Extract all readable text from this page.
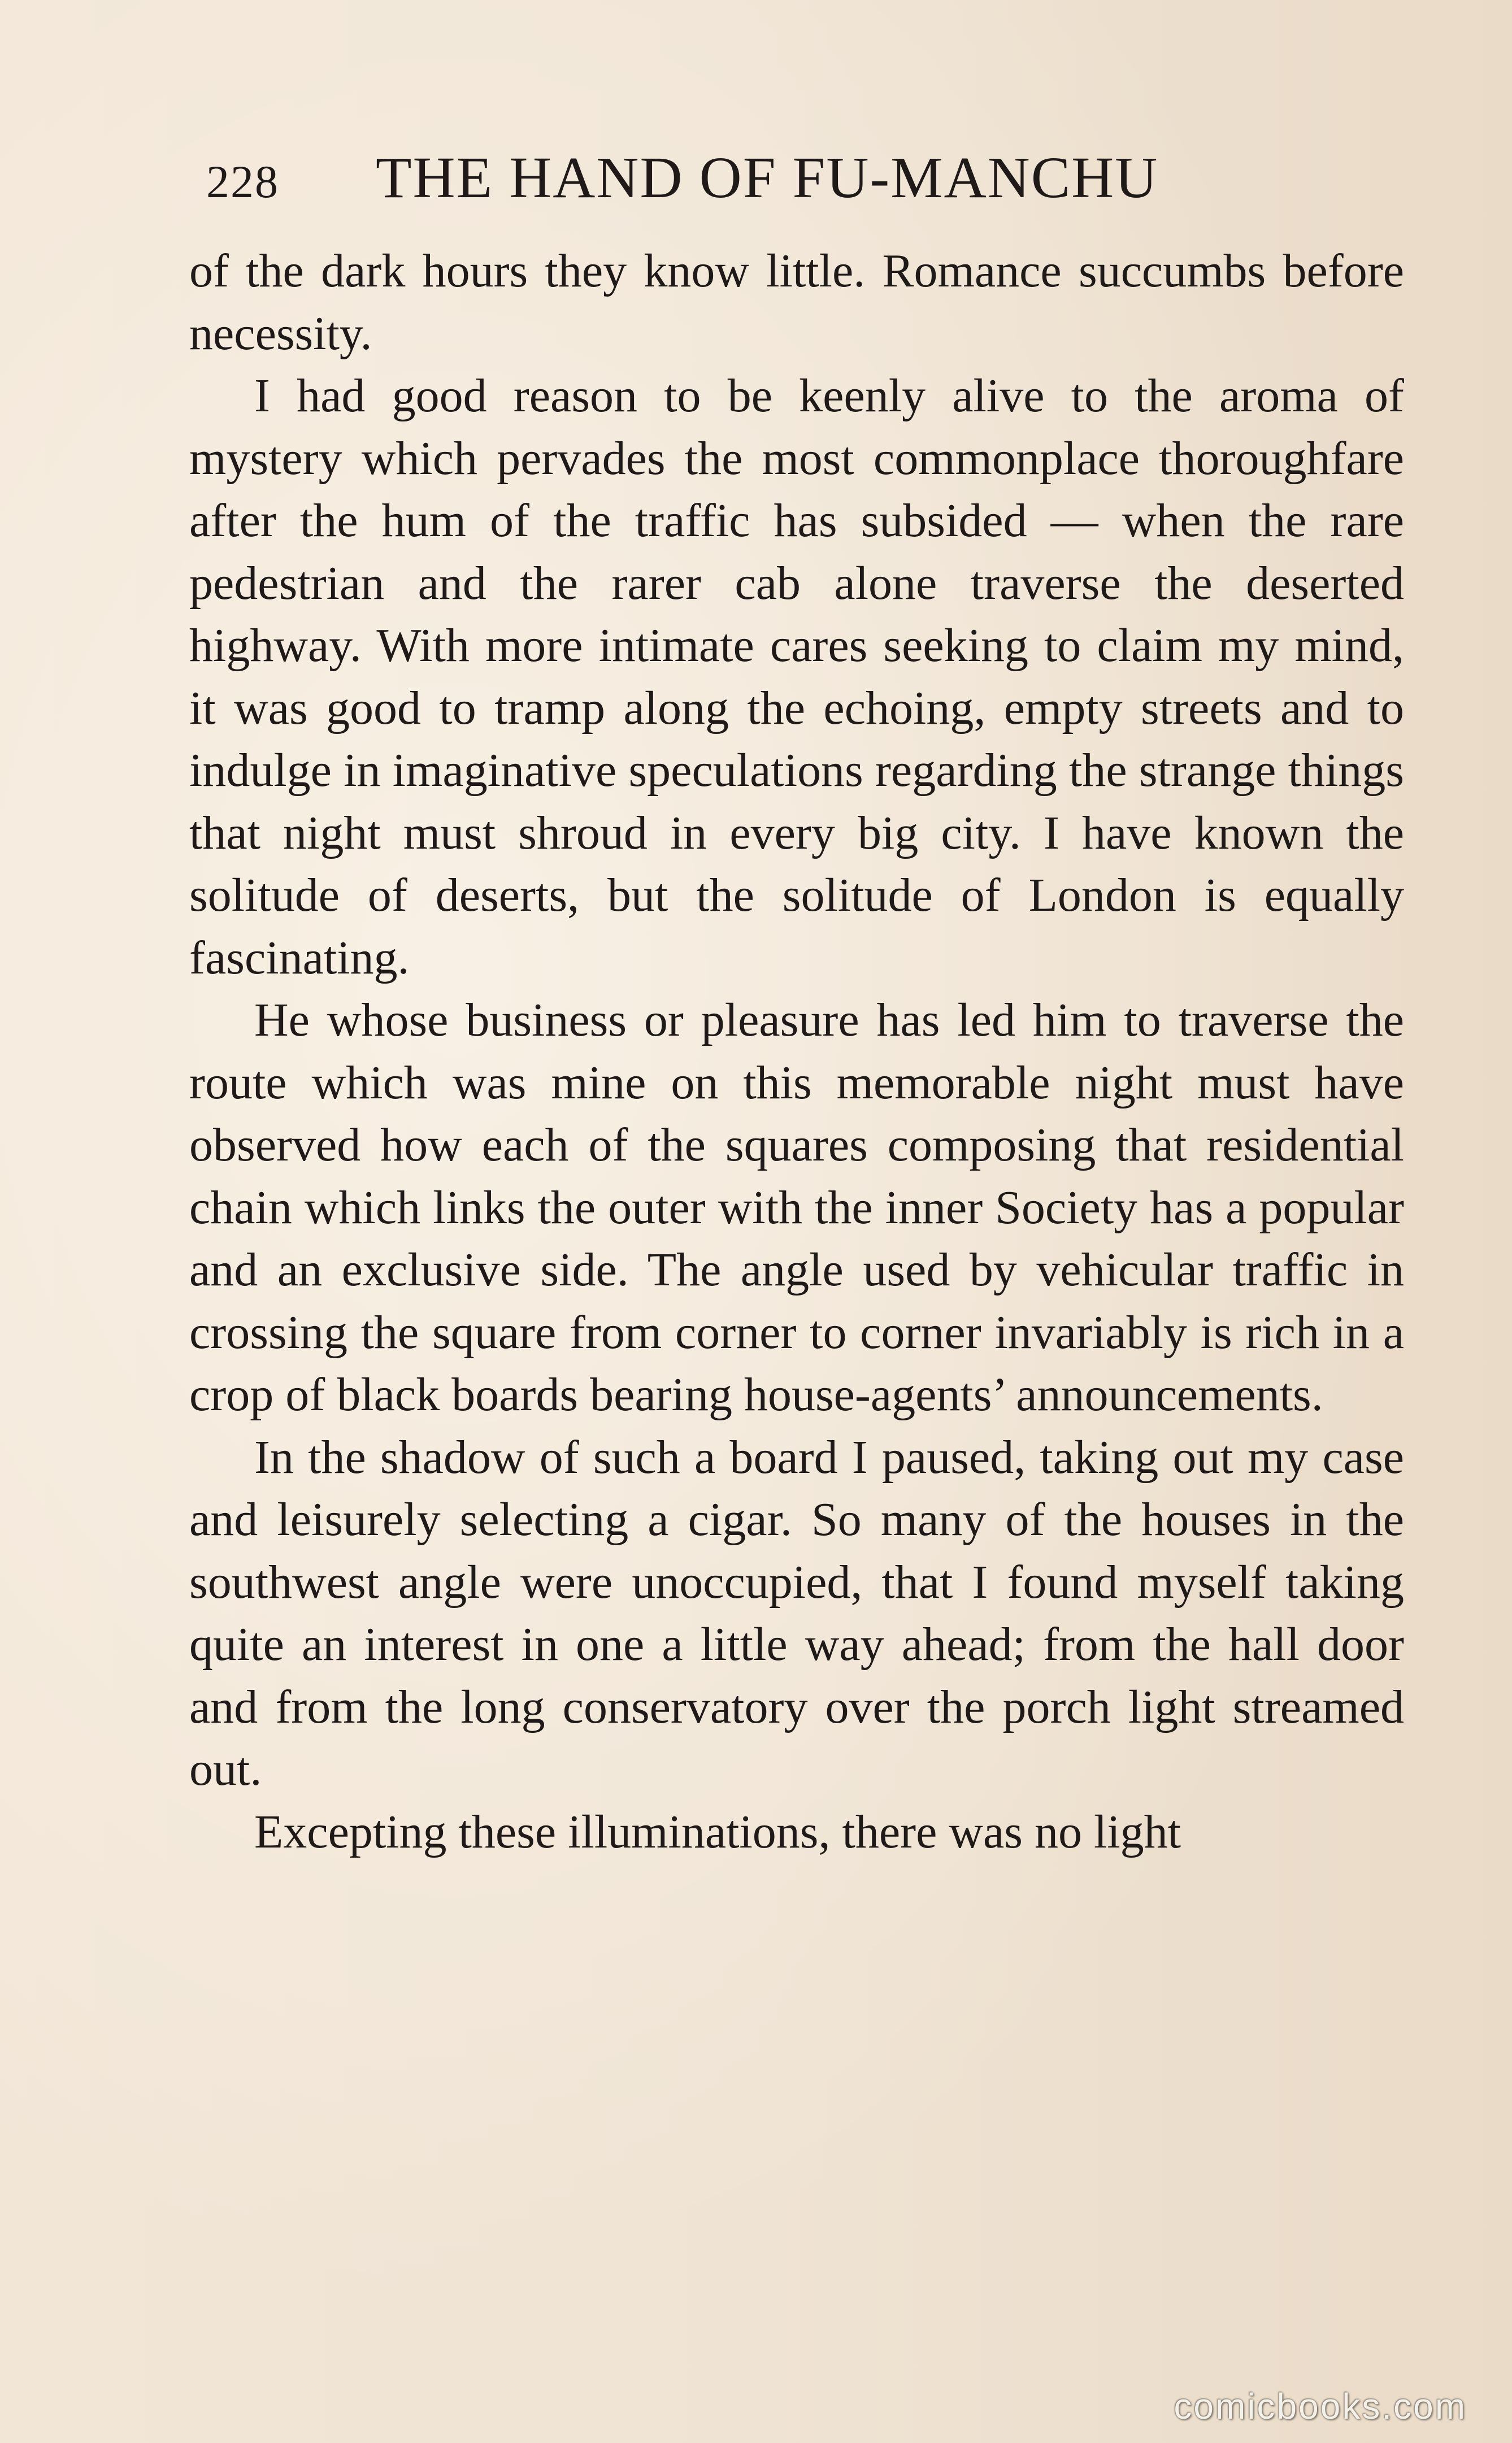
228	THE HAND OF FU-MANCHU

of the dark hours they know little. Romance succumbs before necessity.

I had good reason to be keenly alive to the aroma of mystery which pervades the most commonplace thoroughfare after the hum of the traffic has subsided — when the rare pedestrian and the rarer cab alone traverse the deserted highway. With more intimate cares seeking to claim my mind, it was good to tramp along the echoing, empty streets and to indulge in imaginative speculations regarding the strange things that night must shroud in every big city. I have known the solitude of deserts, but the solitude of London is equally fascinating.

He whose business or pleasure has led him to traverse the route which was mine on this memorable night must have observed how each of the squares composing that residential chain which links the outer with the inner Society has a popular and an exclusive side. The angle used by vehicular traffic in crossing the square from corner to corner invariably is rich in a crop of black boards bearing house-agents’ announcements.

In the shadow of such a board I paused, taking out my case and leisurely selecting a cigar. So many of the houses in the southwest angle were unoccupied, that I found myself taking quite an interest in one a little way ahead; from the hall door and from the long conservatory over the porch light streamed out.

Excepting these illuminations, there was no light

comicbooks.com
